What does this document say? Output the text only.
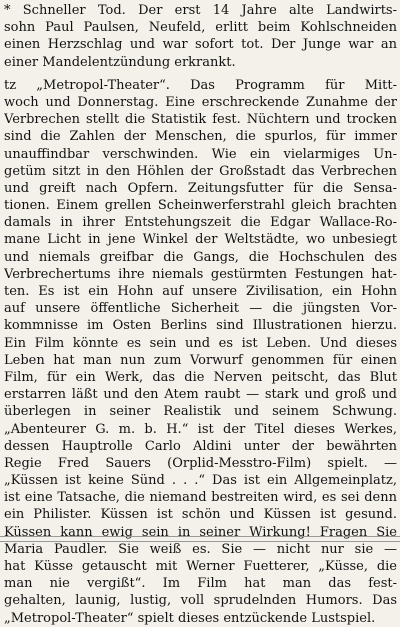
* Schneller Tod. Der erst 14 Jahre alte Landwirts-
sohn Paul Paulsen, Neufeld, erlitt beim Kohlschneiden
einen Herzschlag und war sofort tot. Der Junge war an
einer Mandelentzündung erkrankt.
tz „Metropol-Theater“. Das Programm für Mitt-
woch und Donnerstag. Eine erschreckende Zunahme der
Verbrechen stellt die Statistik fest. Nüchtern und trocken
sind die Zahlen der Menschen, die spurlos, für immer
unauffindbar verschwinden. Wie ein vielarmiges Un-
getüm sitzt in den Höhlen der Großstadt das Verbrechen
und greift nach Opfern. Zeitungsfutter für die Sensa-
tionen. Einem grellen Scheinwerferstrahl gleich brachten
damals in ihrer Entstehungszeit die Edgar Wallace-Ro-
mane Licht in jene Winkel der Weltstädte, wo unbesiegt
und niemals greifbar die Gangs, die Hochschulen des
Verbrechertums ihre niemals gestürmten Festungen hat-
ten. Es ist ein Hohn auf unsere Zivilisation, ein Hohn
auf unsere öffentliche Sicherheit — die jüngsten Vor-
kommnisse im Osten Berlins sind Illustrationen hierzu.
Ein Film könnte es sein und es ist Leben. Und dieses
Leben hat man nun zum Vorwurf genommen für einen
Film, für ein Werk, das die Nerven peitscht, das Blut
erstarren läßt und den Atem raubt — stark und groß und
überlegen in seiner Realistik und seinem Schwung.
„Abenteurer G. m. b. H.“ ist der Titel dieses Werkes,
dessen Hauptrolle Carlo Aldini unter der bewährten
Regie Fred Sauers (Orplid-Messtro-Film) spielt. —
„Küssen ist keine Sünd . . .“ Das ist ein Allgemeinplatz,
ist eine Tatsache, die niemand bestreiten wird, es sei denn
ein Philister. Küssen ist schön und Küssen ist gesund.
Küssen kann ewig sein in seiner Wirkung! Fragen Sie
Maria Paudler. Sie weiß es. Sie — nicht nur sie —
hat Küsse getauscht mit Werner Fuetterer, „Küsse, die
man nie vergißt“. Im Film hat man das fest-
gehalten, launig, lustig, voll sprudelnden Humors. Das
„Metropol-Theater“ spielt dieses entzückende Lustspiel.
